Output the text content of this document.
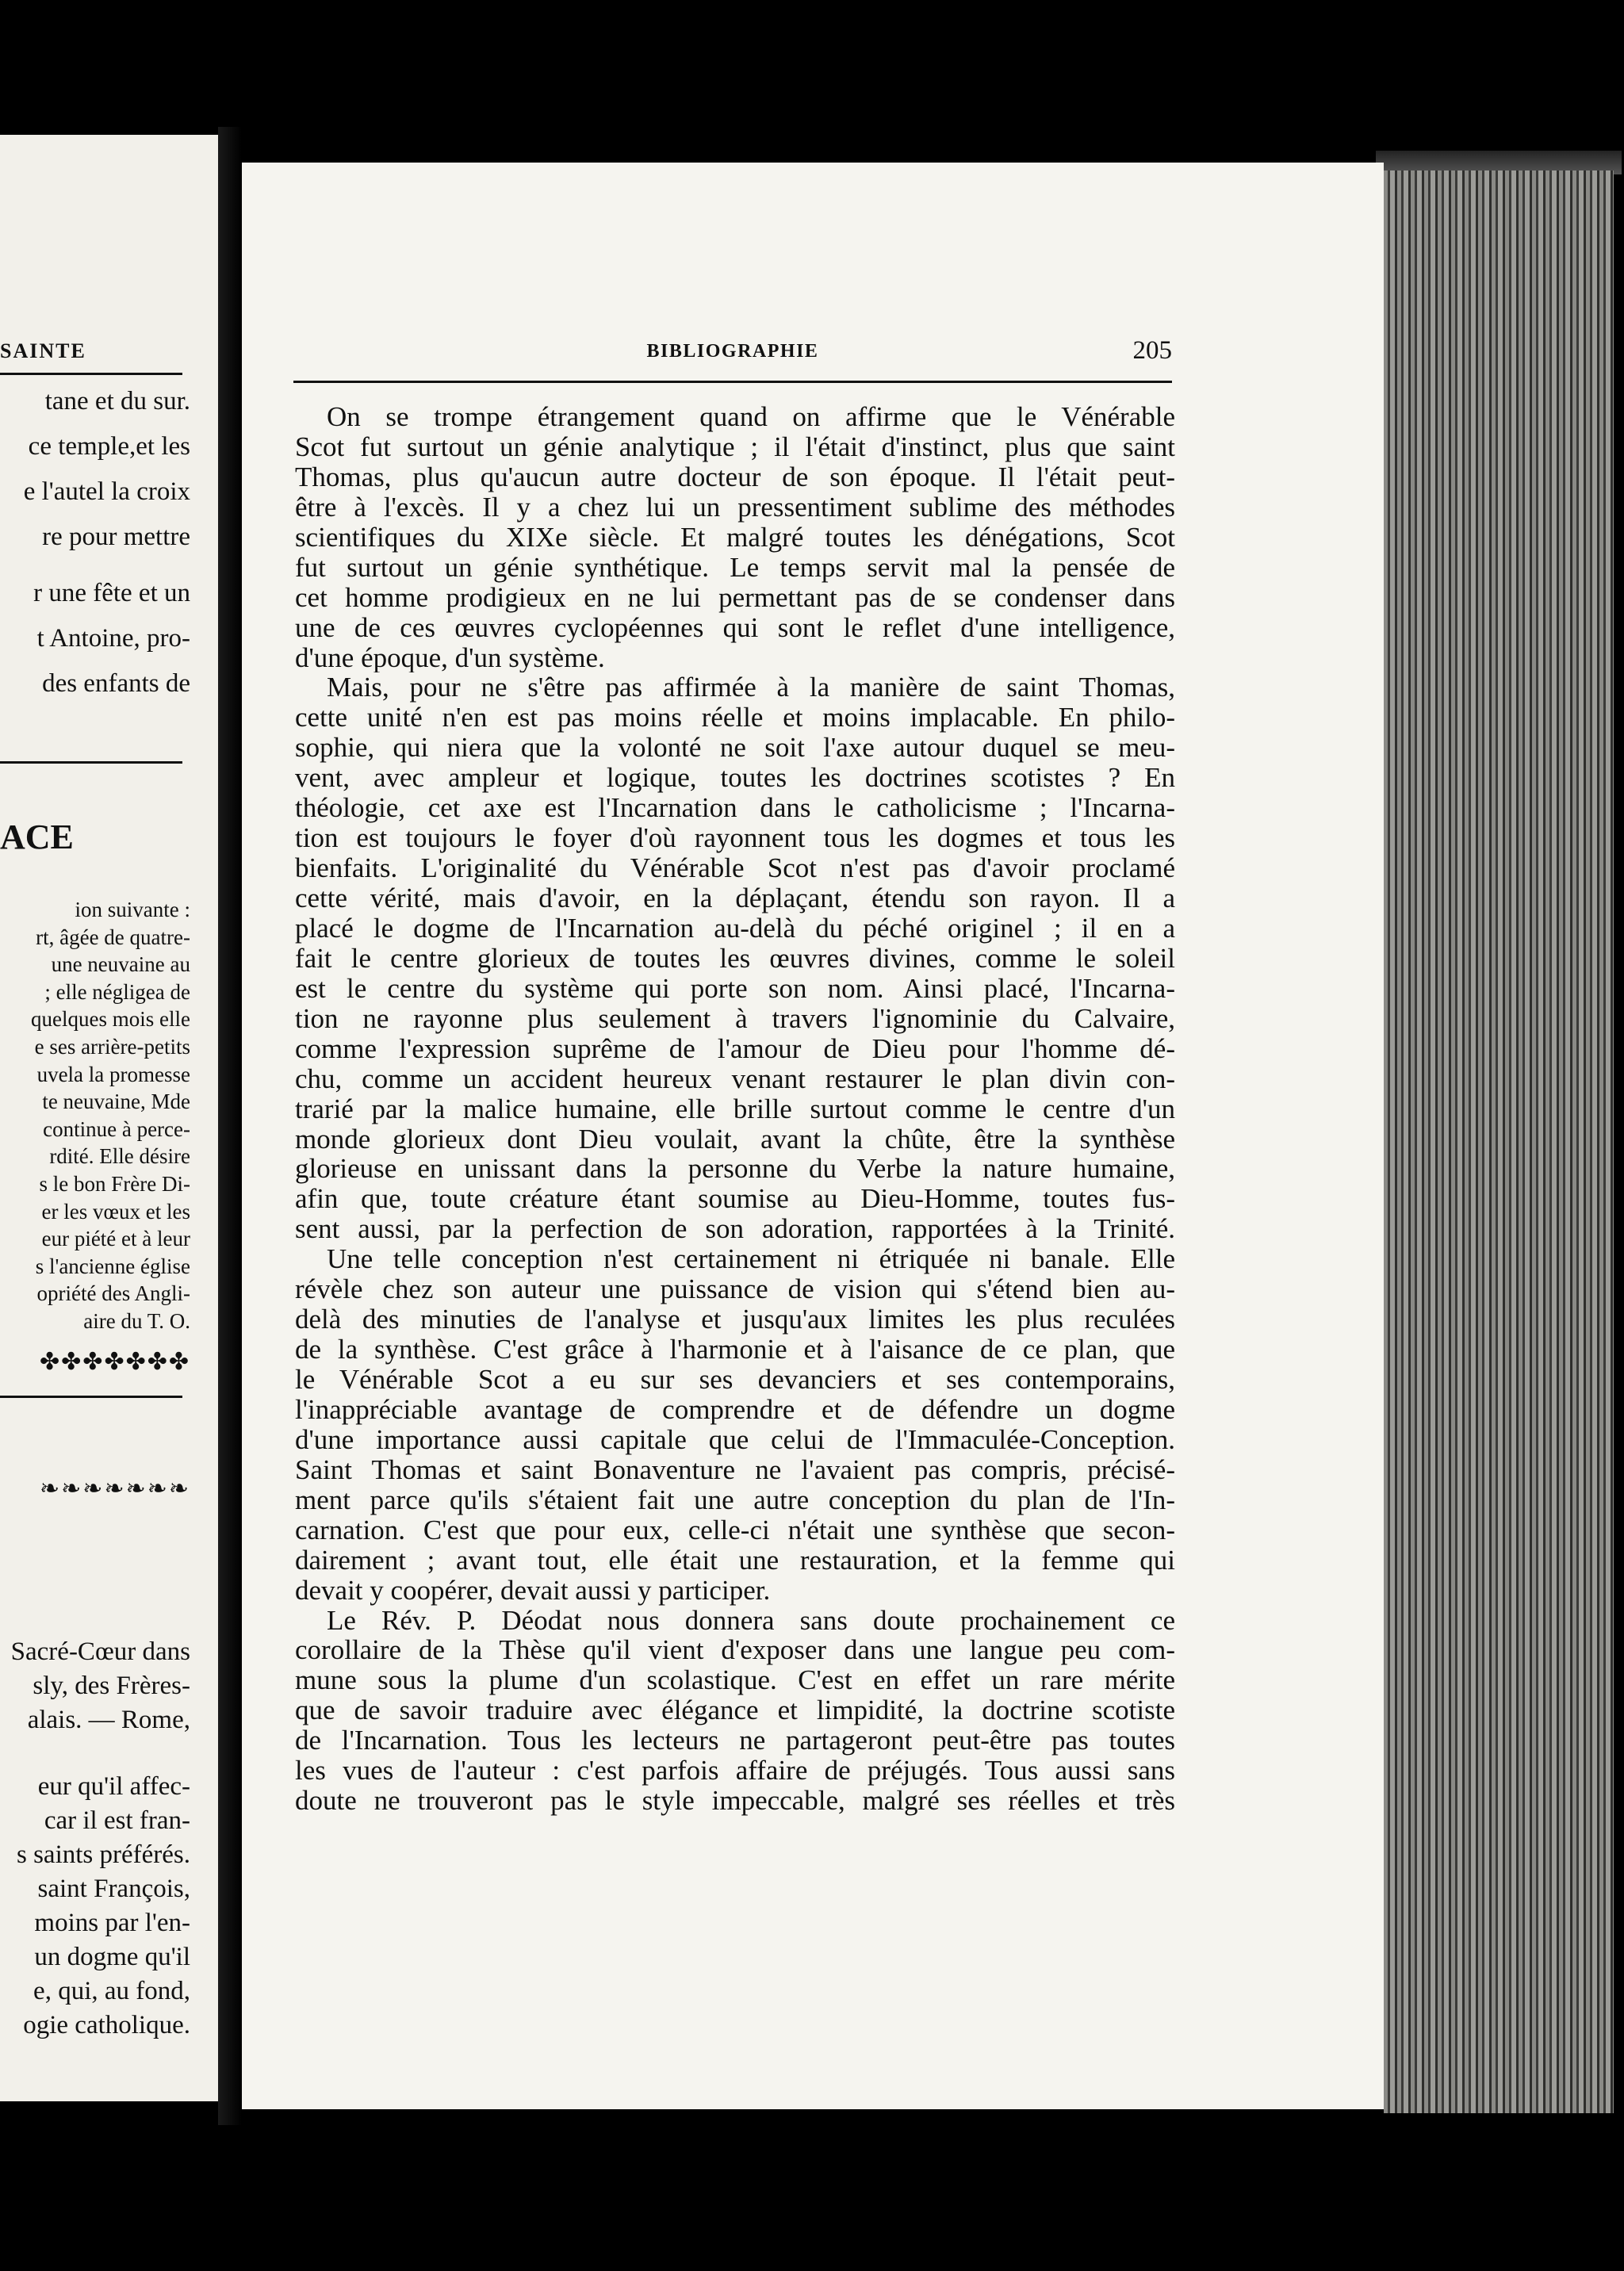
SAINTE
tane et du sur.
ce temple,et les
e l'autel la croix
re pour mettre
r une fête et un
t Antoine, pro-
des enfants de
ACE
ion suivante :
rt, âgée de quatre-
une neuvaine au
; elle négligea de
quelques mois elle
e ses arrière-petits
uvela la promesse
te neuvaine, Mde
continue à perce-
rdité. Elle désire
s le bon Frère Di-
er les vœux et les
eur piété et à leur
s l'ancienne église
opriété des Angli-
aire du T. O.
✤✤✤✤✤✤✤
❧❧❧❧❧❧❧
Sacré-Cœur dans
sly, des Frères-
alais. — Rome,
eur qu'il affec-
car il est fran-
s saints préférés.
saint François,
moins par l'en-
un dogme qu'il
e, qui, au fond,
ogie catholique.
BIBLIOGRAPHIE	205
On se trompe étrangement quand on affirme que le Vénérable
Scot fut surtout un génie analytique ; il l'était d'instinct, plus que saint
Thomas, plus qu'aucun autre docteur de son époque. Il l'était peut-
être à l'excès. Il y a chez lui un pressentiment sublime des méthodes
scientifiques du XIXe siècle. Et malgré toutes les dénégations, Scot
fut surtout un génie synthétique. Le temps servit mal la pensée de
cet homme prodigieux en ne lui permettant pas de se condenser dans
une de ces œuvres cyclopéennes qui sont le reflet d'une intelligence,
d'une époque, d'un système.
Mais, pour ne s'être pas affirmée à la manière de saint Thomas,
cette unité n'en est pas moins réelle et moins implacable. En philo-
sophie, qui niera que la volonté ne soit l'axe autour duquel se meu-
vent, avec ampleur et logique, toutes les doctrines scotistes ? En
théologie, cet axe est l'Incarnation dans le catholicisme ; l'Incarna-
tion est toujours le foyer d'où rayonnent tous les dogmes et tous les
bienfaits. L'originalité du Vénérable Scot n'est pas d'avoir proclamé
cette vérité, mais d'avoir, en la déplaçant, étendu son rayon. Il a
placé le dogme de l'Incarnation au-delà du péché originel ; il en a
fait le centre glorieux de toutes les œuvres divines, comme le soleil
est le centre du système qui porte son nom. Ainsi placé, l'Incarna-
tion ne rayonne plus seulement à travers l'ignominie du Calvaire,
comme l'expression suprême de l'amour de Dieu pour l'homme dé-
chu, comme un accident heureux venant restaurer le plan divin con-
trarié par la malice humaine, elle brille surtout comme le centre d'un
monde glorieux dont Dieu voulait, avant la chûte, être la synthèse
glorieuse en unissant dans la personne du Verbe la nature humaine,
afin que, toute créature étant soumise au Dieu-Homme, toutes fus-
sent aussi, par la perfection de son adoration, rapportées à la Trinité.
Une telle conception n'est certainement ni étriquée ni banale. Elle
révèle chez son auteur une puissance de vision qui s'étend bien au-
delà des minuties de l'analyse et jusqu'aux limites les plus reculées
de la synthèse. C'est grâce à l'harmonie et à l'aisance de ce plan, que
le Vénérable Scot a eu sur ses devanciers et ses contemporains,
l'inappréciable avantage de comprendre et de défendre un dogme
d'une importance aussi capitale que celui de l'Immaculée-Conception.
Saint Thomas et saint Bonaventure ne l'avaient pas compris, précisé-
ment parce qu'ils s'étaient fait une autre conception du plan de l'In-
carnation. C'est que pour eux, celle-ci n'était une synthèse que secon-
dairement ; avant tout, elle était une restauration, et la femme qui
devait y coopérer, devait aussi y participer.
Le Rév. P. Déodat nous donnera sans doute prochainement ce
corollaire de la Thèse qu'il vient d'exposer dans une langue peu com-
mune sous la plume d'un scolastique. C'est en effet un rare mérite
que de savoir traduire avec élégance et limpidité, la doctrine scotiste
de l'Incarnation. Tous les lecteurs ne partageront peut-être pas toutes
les vues de l'auteur : c'est parfois affaire de préjugés. Tous aussi sans
doute ne trouveront pas le style impeccable, malgré ses réelles et très
